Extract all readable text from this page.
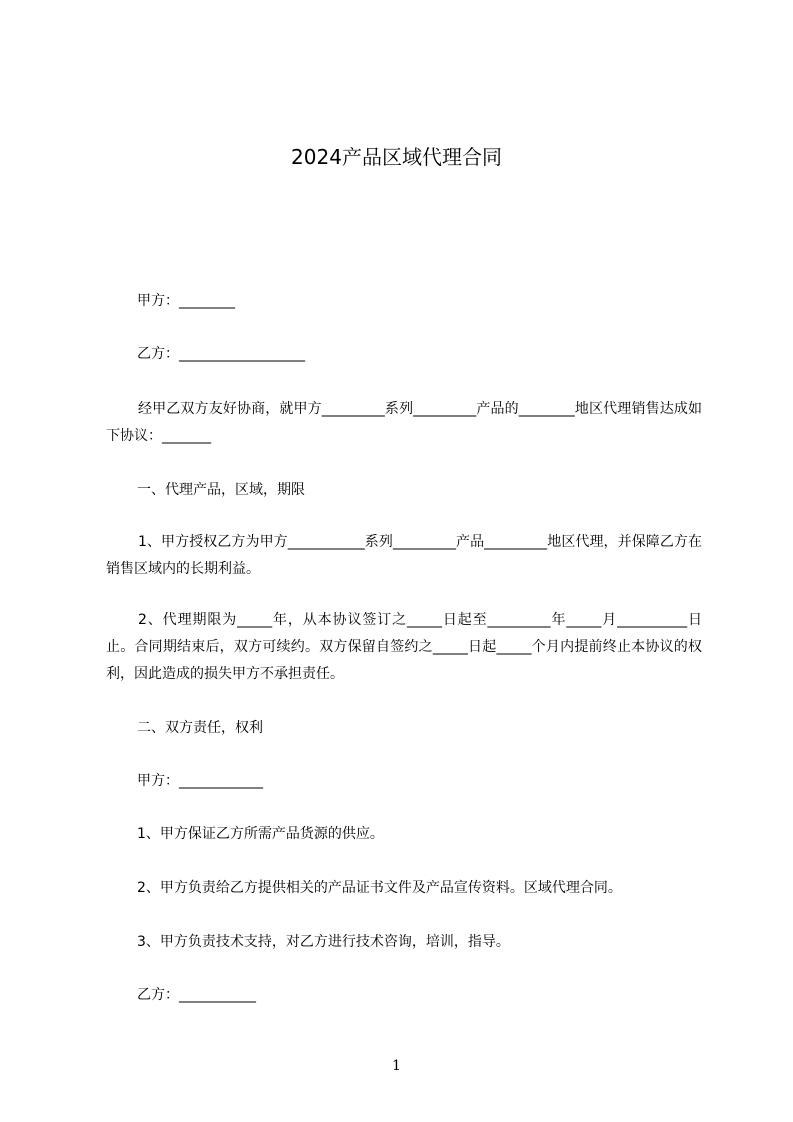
2024产品区域代理合同
甲方：________
乙方：__________________
经甲乙双方友好协商，就甲方_________系列_________产品的________地区代理销售达成如下协议：_______
一、代理产品，区域，期限
1、甲方授权乙方为甲方___________系列_________产品_________地区代理，并保障乙方在销售区域内的长期利益。
2、代理期限为_____年，从本协议签订之_____日起至_________年_____月__________日止。合同期结束后，双方可续约。双方保留自签约之_____日起_____个月内提前终止本协议的权利，因此造成的损失甲方不承担责任。
二、双方责任，权利
甲方：____________
1、甲方保证乙方所需产品货源的供应。
2、甲方负责给乙方提供相关的产品证书文件及产品宣传资料。区域代理合同。
3、甲方负责技术支持，对乙方进行技术咨询，培训，指导。
乙方：___________
1
